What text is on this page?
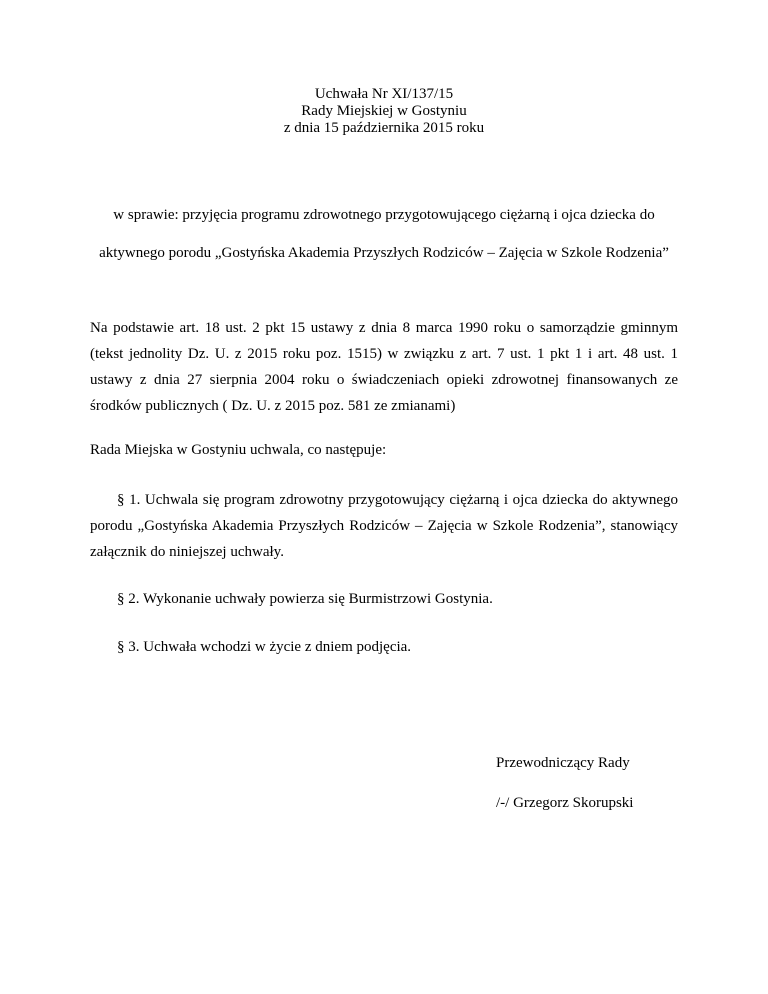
Uchwała Nr XI/137/15
Rady Miejskiej w Gostyniu
z dnia 15 października 2015 roku
w sprawie: przyjęcia programu zdrowotnego przygotowującego ciężarną i ojca dziecka do aktywnego porodu „Gostyńska Akademia Przyszłych Rodziców – Zajęcia w Szkole Rodzenia”
Na podstawie art. 18 ust. 2 pkt 15 ustawy z dnia 8 marca 1990 roku o samorządzie gminnym (tekst jednolity Dz. U. z 2015 roku poz. 1515) w związku z art. 7 ust. 1 pkt 1 i art. 48 ust. 1 ustawy z dnia 27 sierpnia 2004 roku o świadczeniach opieki zdrowotnej finansowanych ze środków publicznych ( Dz. U. z 2015 poz. 581 ze zmianami)
Rada Miejska w Gostyniu uchwala, co następuje:
§ 1. Uchwala się program zdrowotny przygotowujący ciężarną i ojca dziecka do aktywnego porodu „Gostyńska Akademia Przyszłych Rodziców – Zajęcia w Szkole Rodzenia”, stanowiący załącznik do niniejszej uchwały.
§ 2. Wykonanie uchwały powierza się Burmistrzowi Gostynia.
§ 3. Uchwała wchodzi w życie z dniem podjęcia.
Przewodniczący Rady
/-/ Grzegorz Skorupski
